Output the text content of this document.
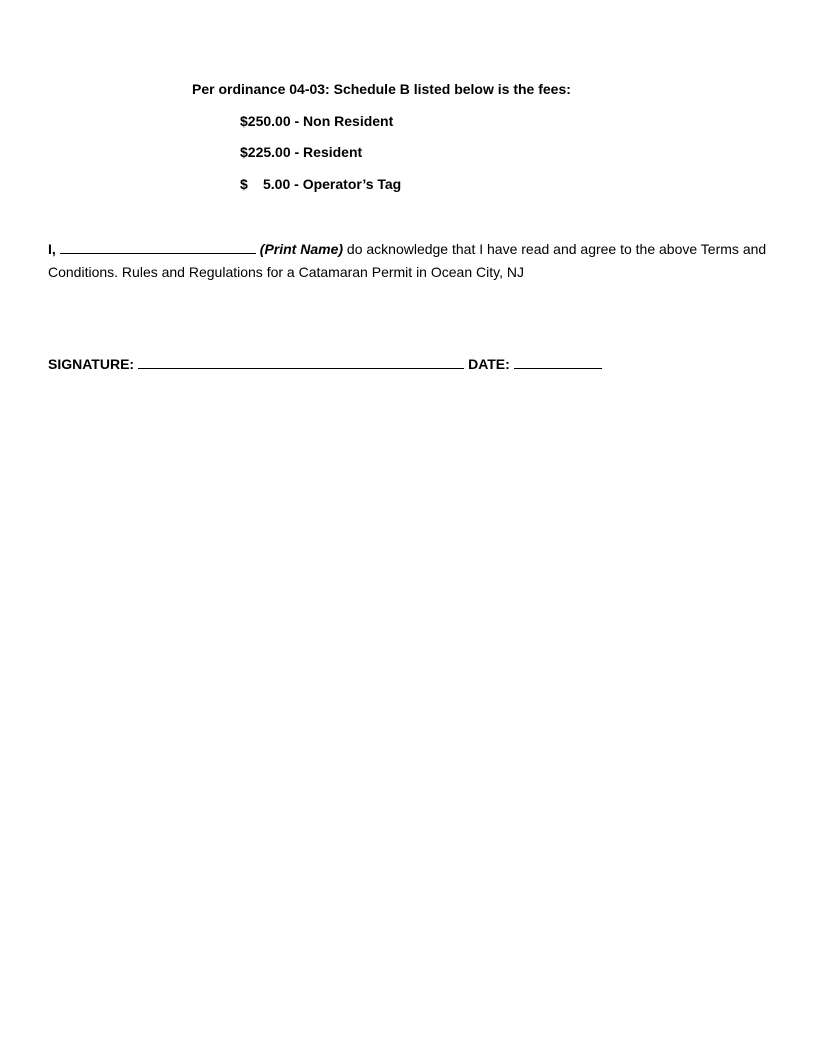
Per ordinance 04-03: Schedule B listed below is the fees:
$250.00 - Non Resident
$225.00 - Resident
$ 5.00 - Operator’s Tag
I,	(Print Name) do acknowledge that I have read and agree to the above Terms and Conditions. Rules and Regulations for a Catamaran Permit in Ocean City, NJ
SIGNATURE:	DATE:
